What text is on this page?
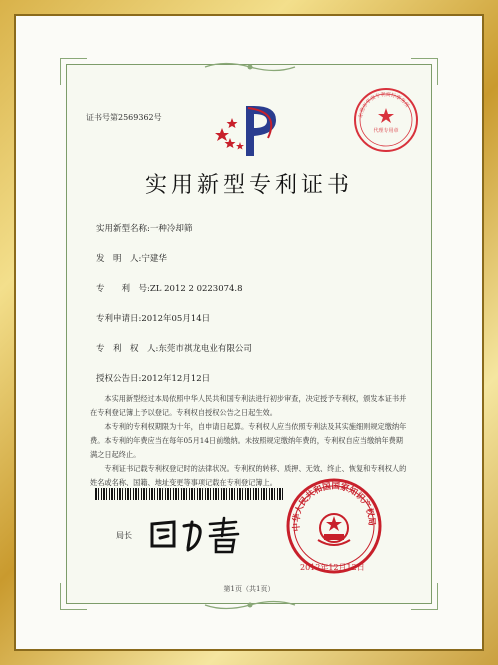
证书号第2569362号
代理专用章
东莞市华南专利商标事务所
实用新型专利证书
实用新型名称:一种冷却筛
发　明　人:宁建华
专　　利　号:ZL 2012 2 0223074.8
专利申请日:2012年05月14日
专　利　权　人:东莞市祺龙电业有限公司
授权公告日:2012年12月12日

本实用新型经过本局依照中华人民共和国专利法进行初步审查，决定授予专利权，颁发本证书并在专利登记簿上予以登记。专利权自授权公告之日起生效。

本专利的专利权期限为十年，自申请日起算。专利权人应当依照专利法及其实施细则规定缴纳年费。本专利的年费应当在每年05月14日前缴纳。未按照规定缴纳年费的，专利权自应当缴纳年费期满之日起终止。

专利证书记载专利权登记时的法律状况。专利权的转移、质押、无效、终止、恢复和专利权人的姓名或名称、国籍、地址变更等事项记载在专利登记簿上。

局长
中华人民共和国国家知识产权局
2012年12月12日
第1页（共1页）
